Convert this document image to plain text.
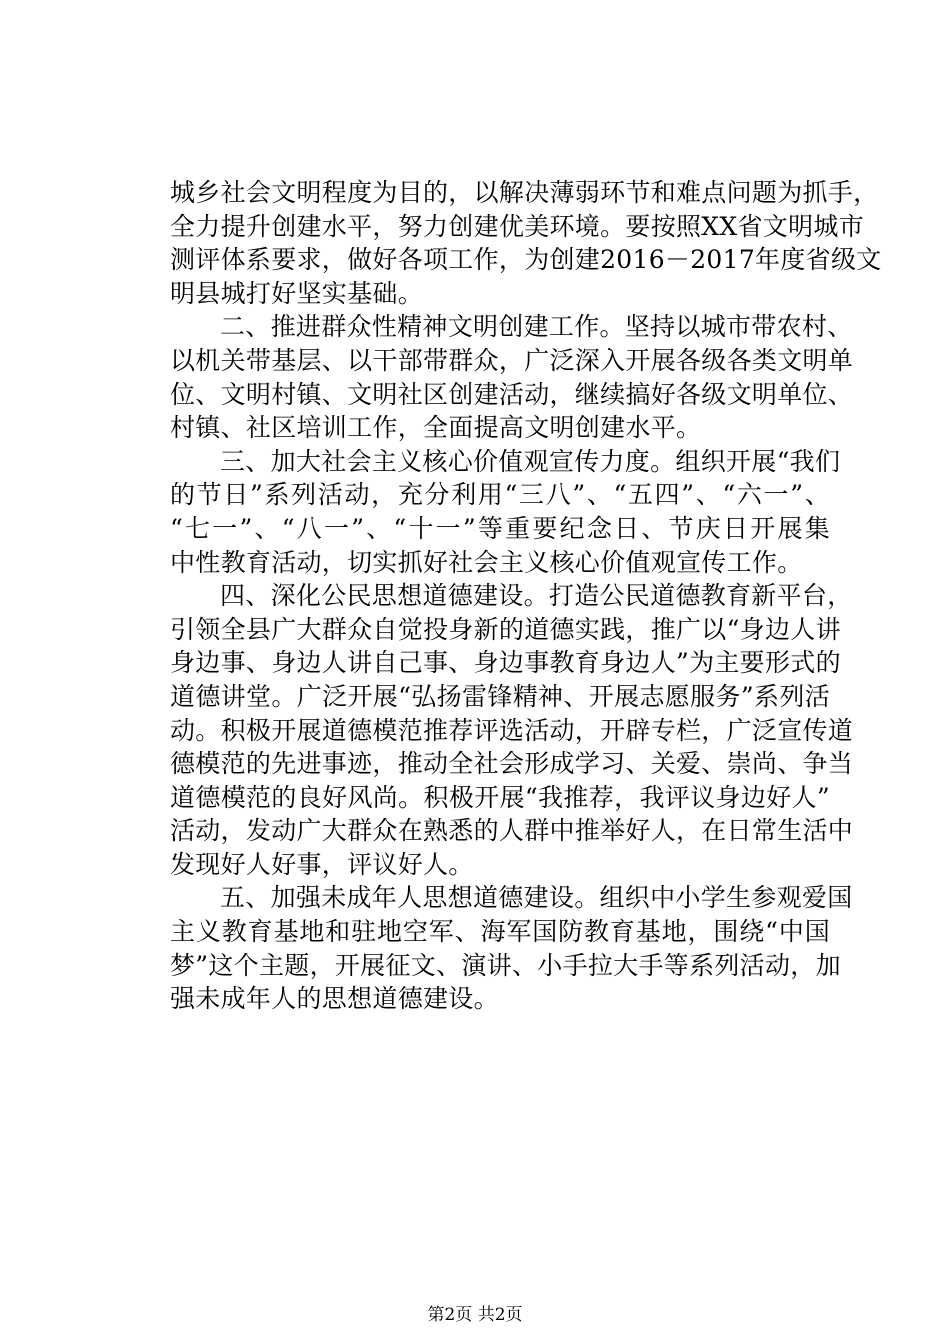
城乡社会文明程度为目的，以解决薄弱环节和难点问题为抓手，
全力提升创建水平，努力创建优美环境。要按照XX省文明城市
测评体系要求，做好各项工作，为创建2016－2017年度省级文
明县城打好坚实基础。
二、推进群众性精神文明创建工作。坚持以城市带农村、
以机关带基层、以干部带群众，广泛深入开展各级各类文明单
位、文明村镇、文明社区创建活动，继续搞好各级文明单位、
村镇、社区培训工作，全面提高文明创建水平。
三、加大社会主义核心价值观宣传力度。组织开展“我们
的节日”系列活动，充分利用“三八”、“五四”、“六一”、
“七一”、“八一”、“十一”等重要纪念日、节庆日开展集
中性教育活动，切实抓好社会主义核心价值观宣传工作。
四、深化公民思想道德建设。打造公民道德教育新平台，
引领全县广大群众自觉投身新的道德实践，推广以“身边人讲
身边事、身边人讲自己事、身边事教育身边人”为主要形式的
道德讲堂。广泛开展“弘扬雷锋精神、开展志愿服务”系列活
动。积极开展道德模范推荐评选活动，开辟专栏，广泛宣传道
德模范的先进事迹，推动全社会形成学习、关爱、崇尚、争当
道德模范的良好风尚。积极开展“我推荐，我评议身边好人”
活动，发动广大群众在熟悉的人群中推举好人，在日常生活中
发现好人好事，评议好人。
五、加强未成年人思想道德建设。组织中小学生参观爱国
主义教育基地和驻地空军、海军国防教育基地，围绕“中国
梦”这个主题，开展征文、演讲、小手拉大手等系列活动，加
强未成年人的思想道德建设。
第2页 共2页
